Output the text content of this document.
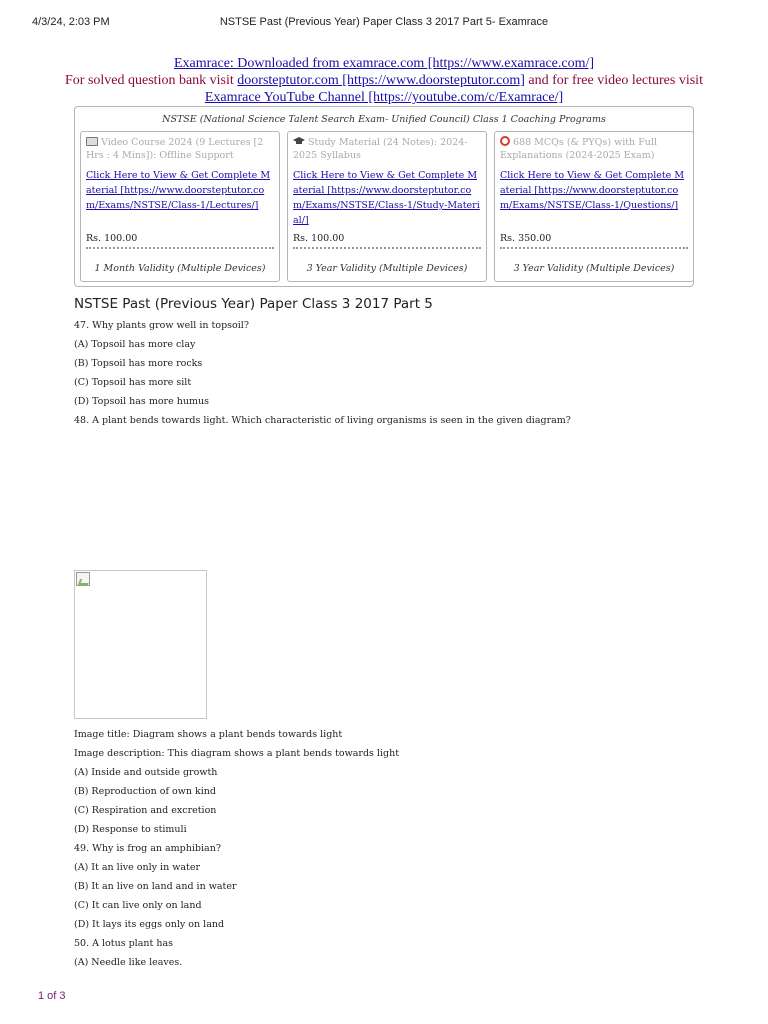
4/3/24, 2:03 PM	NSTSE Past (Previous Year) Paper Class 3 2017 Part 5- Examrace
Examrace: Downloaded from examrace.com [https://www.examrace.com/]
For solved question bank visit doorsteptutor.com [https://www.doorsteptutor.com] and for free video lectures visit
Examrace YouTube Channel [https://youtube.com/c/Examrace/]
NSTSE (National Science Talent Search Exam- Unified Council) Class 1 Coaching Programs
Video Course 2024 (9 Lectures [2 Hrs : 4 Mins]): Offline Support
Click Here to View & Get Complete Material [https://www.doorsteptutor.com/Exams/NSTSE/Class-1/Lectures/]
Rs. 100.00
1 Month Validity (Multiple Devices)
Study Material (24 Notes): 2024-2025 Syllabus
Click Here to View & Get Complete Material [https://www.doorsteptutor.com/Exams/NSTSE/Class-1/Study-Material/]
Rs. 100.00
3 Year Validity (Multiple Devices)
688 MCQs (& PYQs) with Full Explanations (2024-2025 Exam)
Click Here to View & Get Complete Material [https://www.doorsteptutor.com/Exams/NSTSE/Class-1/Questions/]
Rs. 350.00
3 Year Validity (Multiple Devices)
NSTSE Past (Previous Year) Paper Class 3 2017 Part 5
47. Why plants grow well in topsoil?
(A) Topsoil has more clay
(B) Topsoil has more rocks
(C) Topsoil has more silt
(D) Topsoil has more humus
48. A plant bends towards light. Which characteristic of living organisms is seen in the given diagram?
Image title: Diagram shows a plant bends towards light
Image description: This diagram shows a plant bends towards light
(A) Inside and outside growth
(B) Reproduction of own kind
(C) Respiration and excretion
(D) Response to stimuli
49. Why is frog an amphibian?
(A) It an live only in water
(B) It an live on land and in water
(C) It can live only on land
(D) It lays its eggs only on land
50. A lotus plant has
(A) Needle like leaves.
1 of 3
